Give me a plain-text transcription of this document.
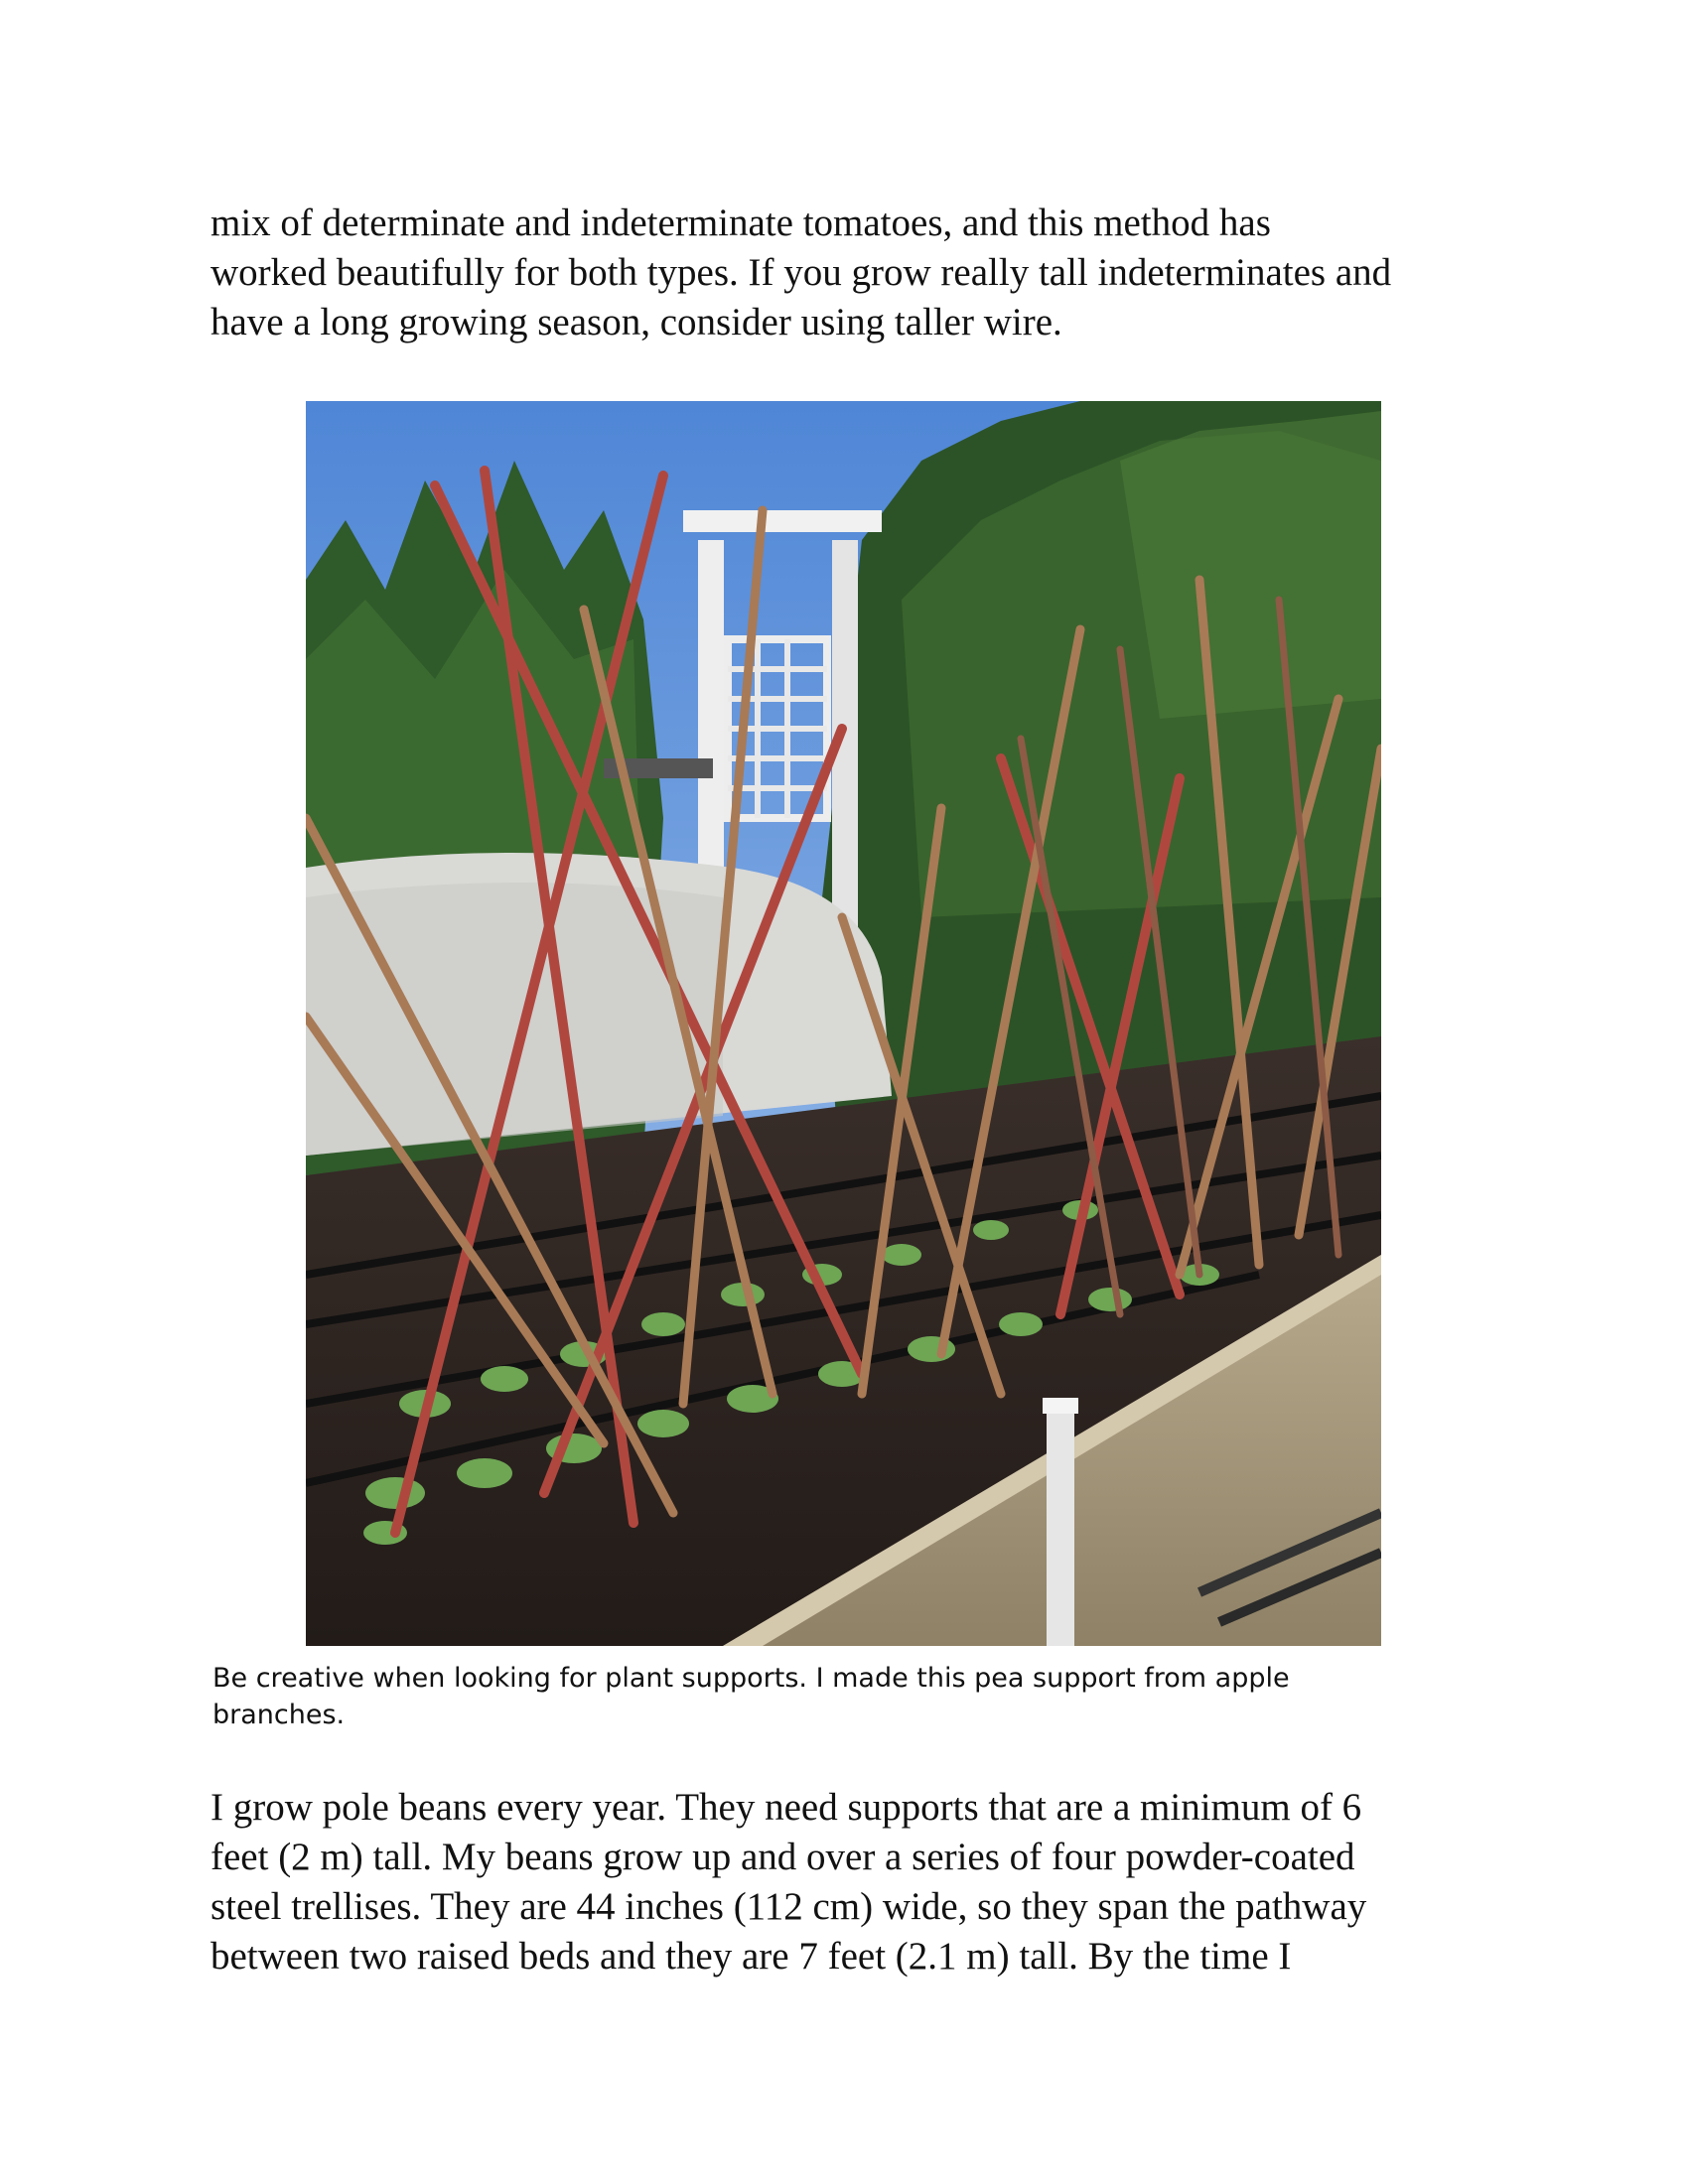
mix of determinate and indeterminate tomatoes, and this method has
worked beautifully for both types. If you grow really tall indeterminates and
have a long growing season, consider using taller wire.

Be creative when looking for plant supports. I made this pea support from apple
branches.

I grow pole beans every year. They need supports that are a minimum of 6
feet (2 m) tall. My beans grow up and over a series of four powder-coated
steel trellises. They are 44 inches (112 cm) wide, so they span the pathway
between two raised beds and they are 7 feet (2.1 m) tall. By the time I
